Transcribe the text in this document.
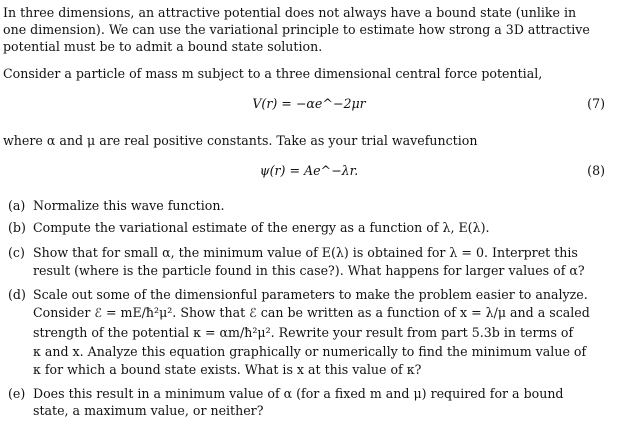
In three dimensions, an attractive potential does not always have a bound state (unlike in
one dimension). We can use the variational principle to estimate how strong a 3D attractive
potential must be to admit a bound state solution.
Consider a particle of mass m subject to a three dimensional central force potential,
V(r) = −αe^−2μr	(7)
where α and μ are real positive constants. Take as your trial wavefunction
ψ(r) = Ae^−λr.	(8)
(a) Normalize this wave function.
(b) Compute the variational estimate of the energy as a function of λ, E(λ).
(c) Show that for small α, the minimum value of E(λ) is obtained for λ = 0. Interpret this
result (where is the particle found in this case?). What happens for larger values of α?
(d) Scale out some of the dimensionful parameters to make the problem easier to analyze.
Consider ℰ = mE/ħ²μ². Show that ℰ can be written as a function of x = λ/μ and a scaled
strength of the potential κ = αm/ħ²μ². Rewrite your result from part 5.3b in terms of
κ and x. Analyze this equation graphically or numerically to find the minimum value of
κ for which a bound state exists. What is x at this value of κ?
(e) Does this result in a minimum value of α (for a fixed m and μ) required for a bound
state, a maximum value, or neither?
